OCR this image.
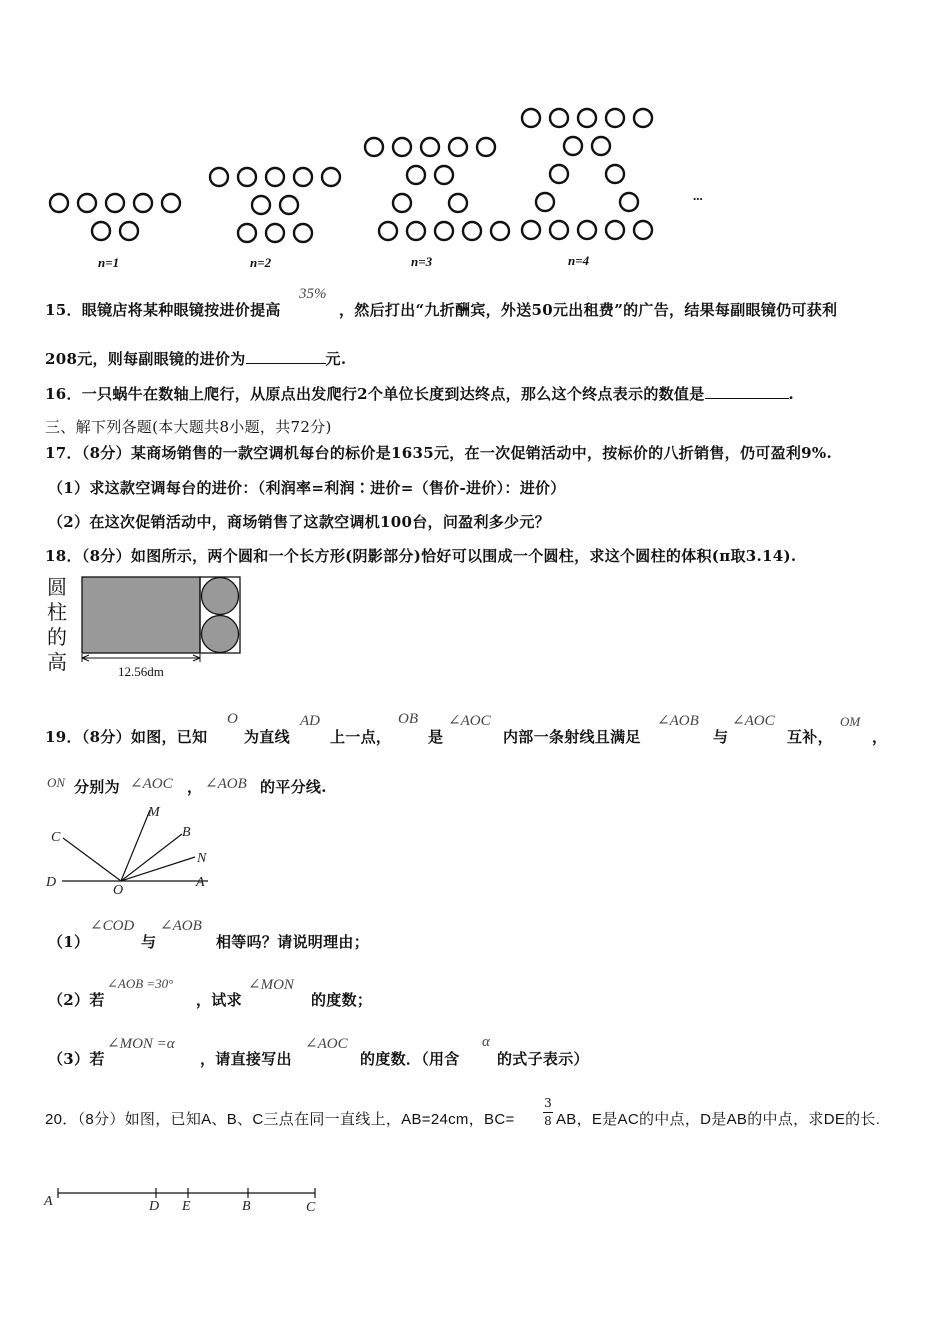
n=1	n=2	n=3	n=4
...
15．眼镜店将某种眼镜按进价提高
35%
，然后打出“九折酬宾，外送50元出租费”的广告，结果每副眼镜仍可获利
208元，则每副眼镜的进价为	元.
16．一只蜗牛在数轴上爬行，从原点出发爬行2个单位长度到达终点，那么这个终点表示的数值是	.
三、解下列各题(本大题共8小题，共72分)
17．（8分）某商场销售的一款空调机每台的标价是1635元，在一次促销活动中，按标价的八折销售，仍可盈利9%.
（1）求这款空调每台的进价：（利润率=利润∶进价=（售价-进价）：进价）
（2）在这次促销活动中，商场销售了这款空调机100台，问盈利多少元？
18．（8分）如图所示，两个圆和一个长方形(阴影部分)恰好可以围成一个圆柱，求这个圆柱的体积(π取3.14).
圆
柱
的
高	12.56dm
19．（8分）如图，已知
O
为直线
AD
上一点，
OB
是
∠AOC
内部一条射线且满足
∠AOB
与
∠AOC
互补，
OM
，
ON 分别为 ∠AOC ， ∠AOB 的平分线.
C
M
B
N
D
O
A
（1）
∠COD
与
∠AOB
相等吗？请说明理由；
（2）若
∠AOB =30°
，试求
∠MON
的度数；
（3）若
∠MON =α
，请直接写出
∠AOC
的度数．（用含
α
的式子表示）
20．（8分）如图，已知A、B、C三点在同一直线上，AB=24cm，BC=
3
8 AB，E是AC的中点，D是AB的中点，求DE的长.
A	D E	B	C
